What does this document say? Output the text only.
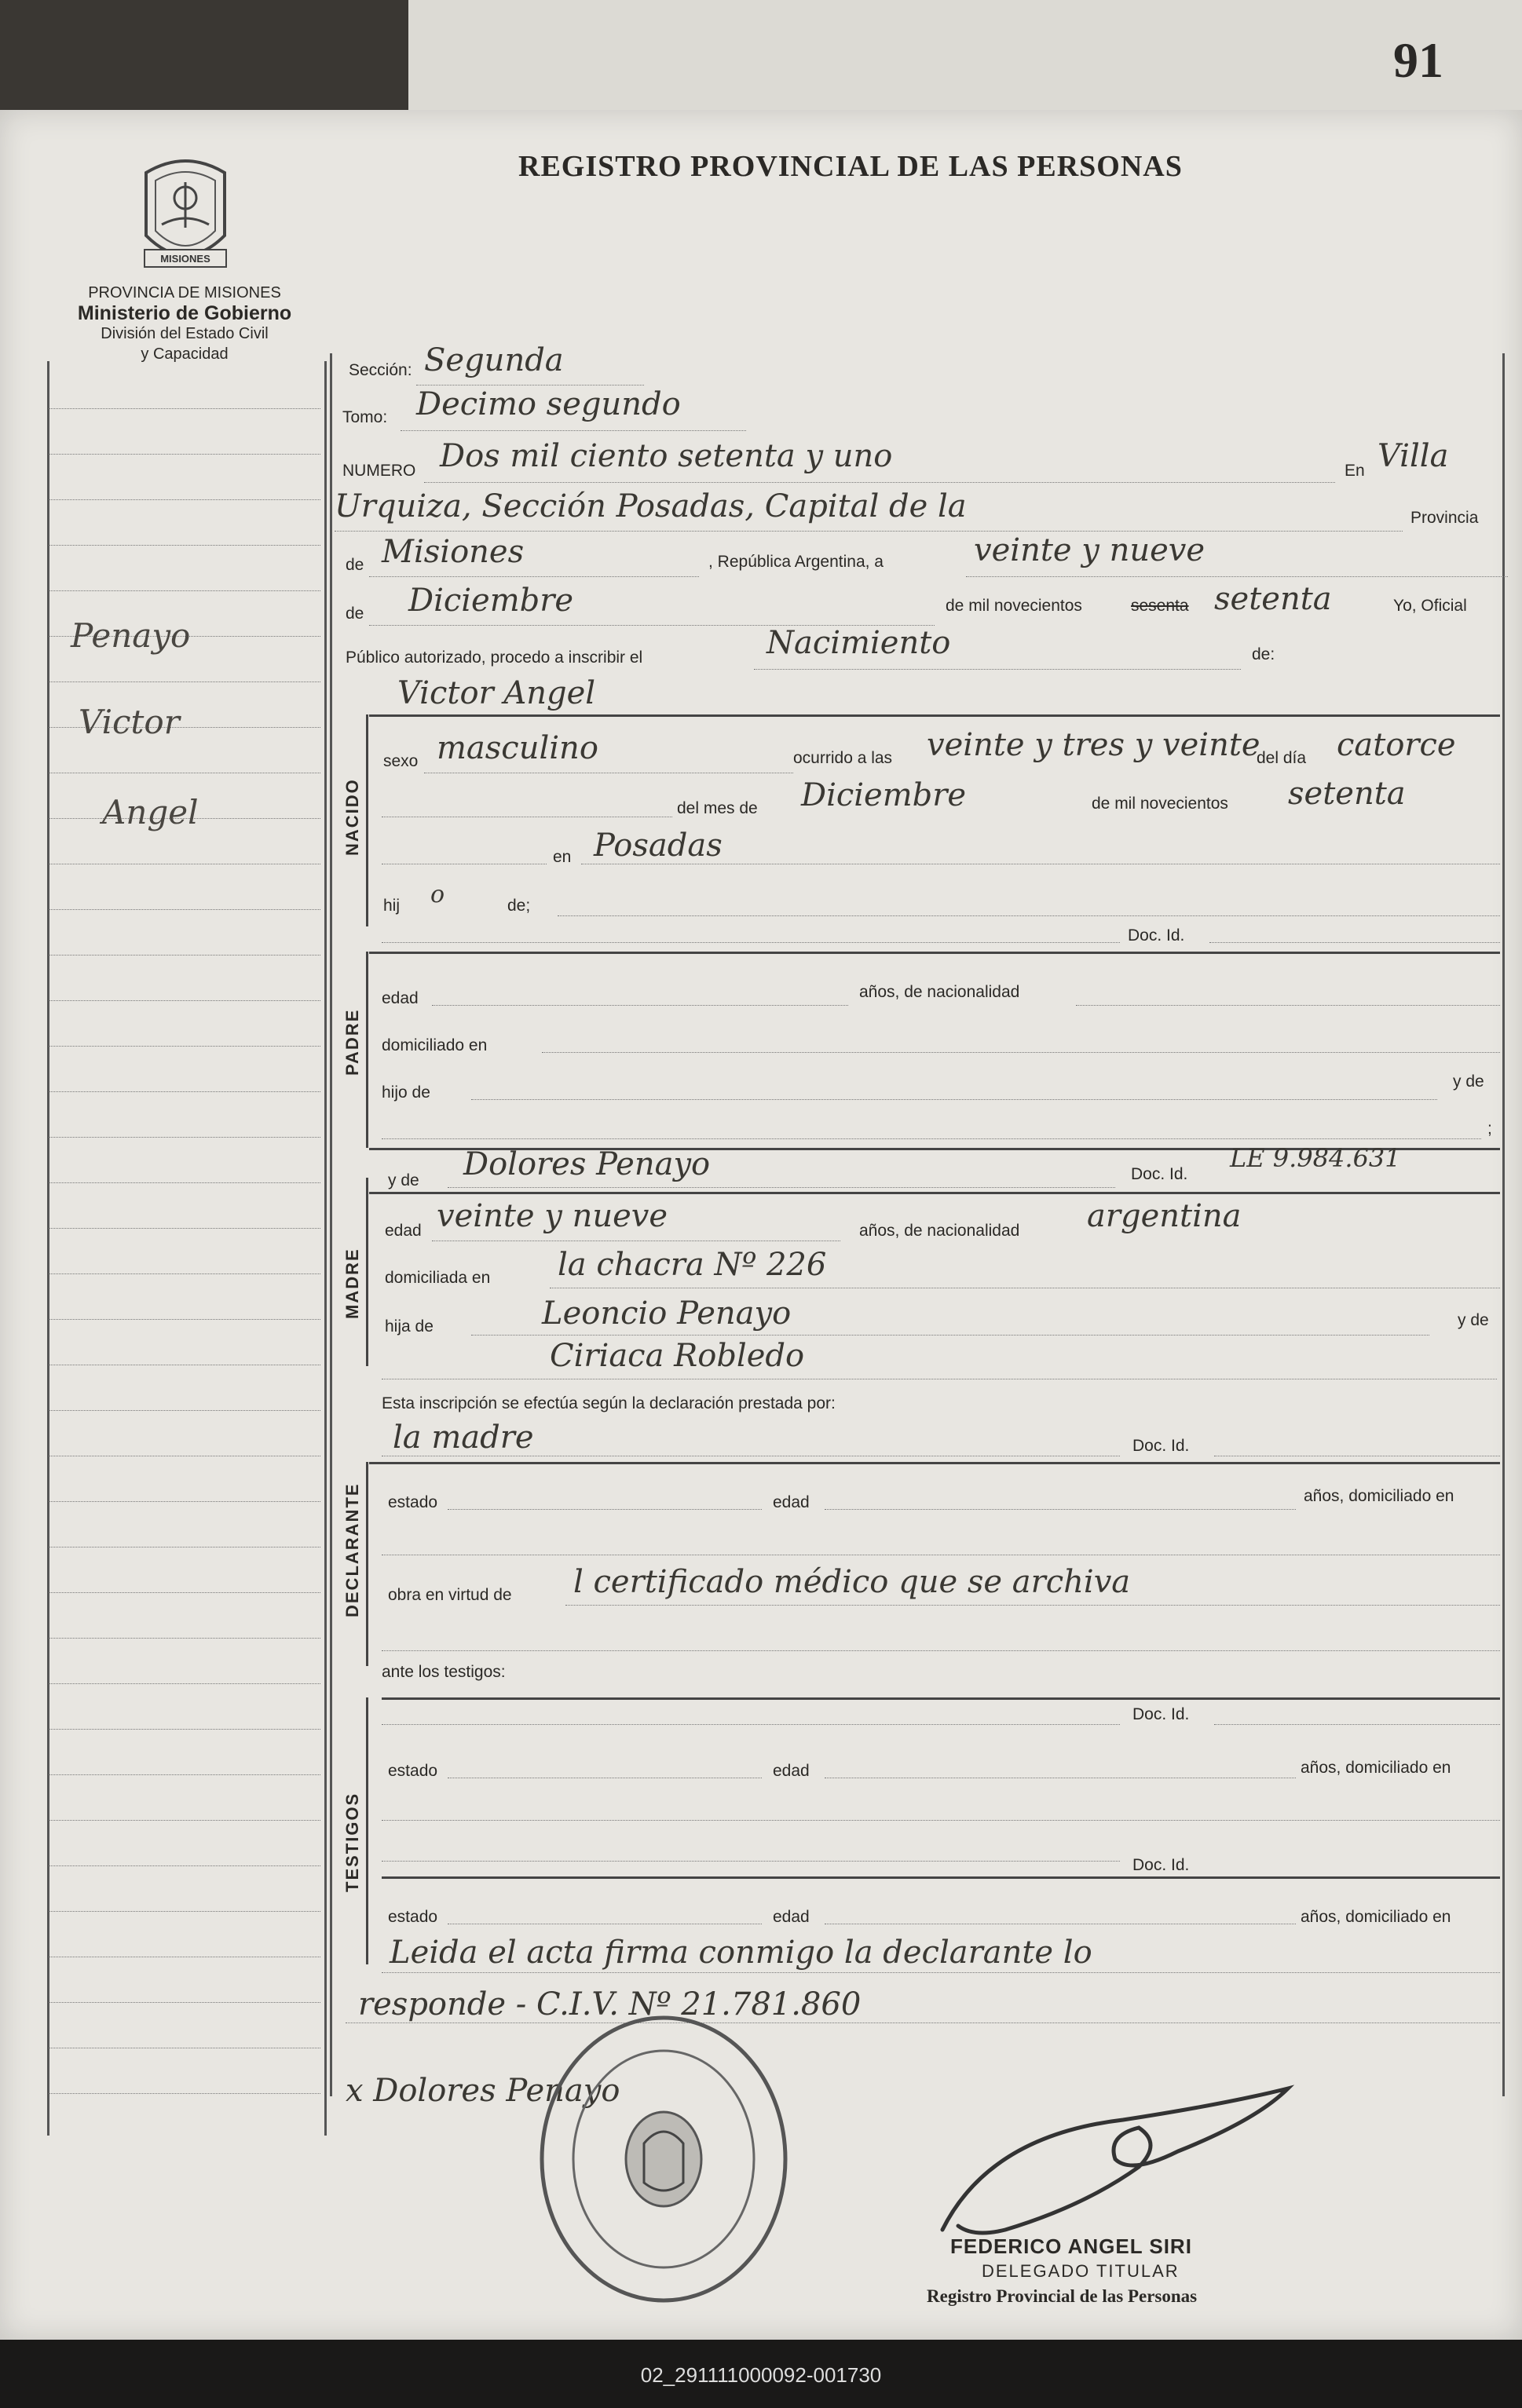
91
MISIONES
REGISTRO PROVINCIAL DE LAS PERSONAS
PROVINCIA DE MISIONES
Ministerio de Gobierno
División del Estado Civil
y Capacidad
Penayo
Victor
Angel
Sección: Segunda
Tomo: Decimo segundo
NUMERO Dos mil ciento setenta y uno	En Villa
Urquiza, Sección Posadas, Capital de la	Provincia
de Misiones	, República Argentina, a	veinte y nueve
de Diciembre	de mil novecientos	sesenta setenta	Yo, Oficial
Público autorizado, procedo a inscribir el	Nacimiento	de:
Victor Angel
NACIDO
sexo masculino	ocurrido a las veinte y tres y veinte
del día catorce
del mes de Diciembre	de mil novecientos setenta
en Posadas
hij o	de;
Doc. Id.
PADRE
edad	años, de nacionalidad
domiciliado en
hijo de
y de
;
MADRE
y de Dolores Penayo	Doc. Id.
LE 9.984.631
edad veinte y nueve	años, de nacionalidad argentina
domiciliada en la chacra Nº 226
hija de	Leoncio Penayo	y de
Ciriaca Robledo
Esta inscripción se efectúa según la declaración prestada por:
la madre	Doc. Id.
DECLARANTE estado	edad	años, domiciliado en
obra en virtud de l certificado médico que se archiva
ante los testigos:
TESTIGOS
Doc. Id.
estado	edad	años, domiciliado en
Doc. Id.
estado	edad	años, domiciliado en
Leida el acta firma conmigo la declarante lo
responde - C.I.V. Nº 21.781.860
x Dolores Penayo
FEDERICO ANGEL SIRI
DELEGADO TITULAR
Registro Provincial de las Personas
02_291111000092-001730
